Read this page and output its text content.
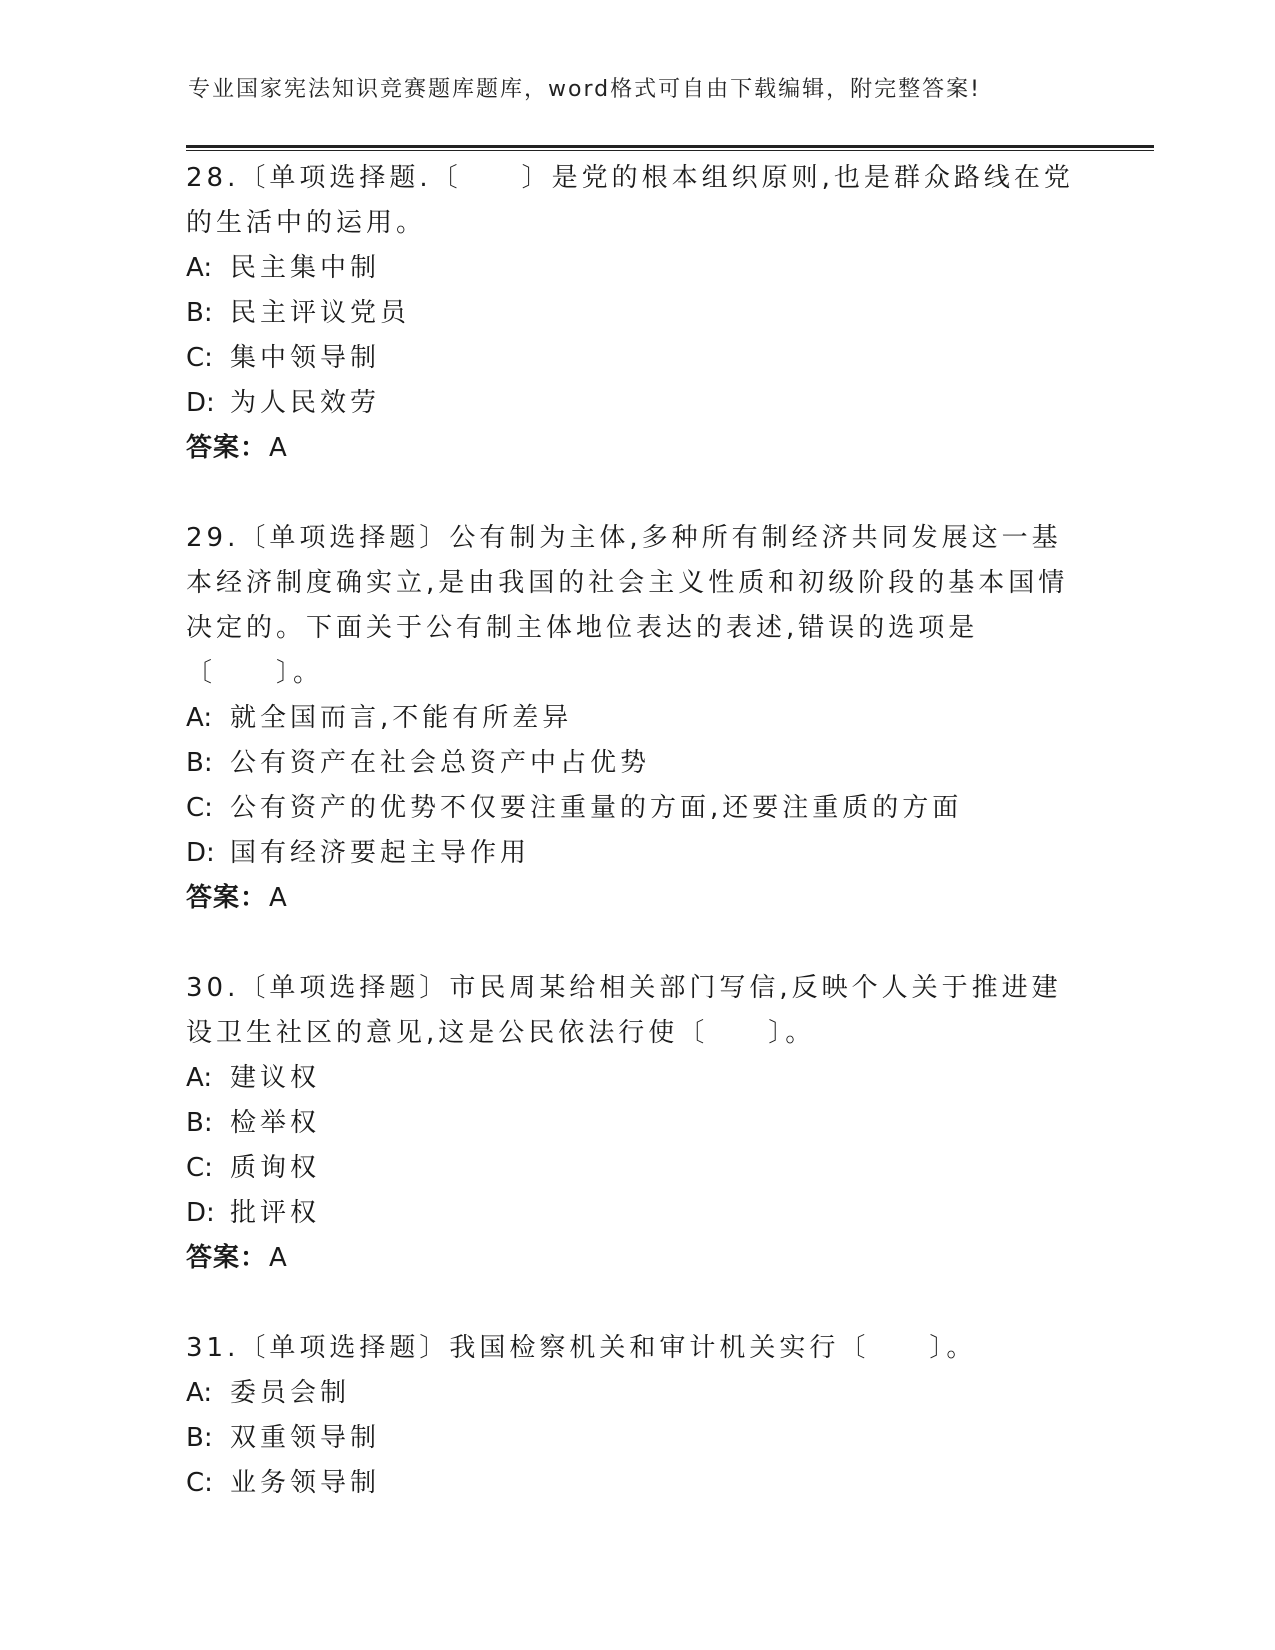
专业国家宪法知识竞赛题库题库，word格式可自由下载编辑，附完整答案!

28.〔单项选择题.〔　　〕是党的根本组织原则,也是群众路线在党的生活中的运用。

A: 民主集中制

B: 民主评议党员

C: 集中领导制

D: 为人民效劳

答案：A

29.〔单项选择题〕公有制为主体,多种所有制经济共同发展这一基本经济制度确实立,是由我国的社会主义性质和初级阶段的基本国情决定的。下面关于公有制主体地位表达的表述,错误的选项是〔　　〕。

A: 就全国而言,不能有所差异

B: 公有资产在社会总资产中占优势

C: 公有资产的优势不仅要注重量的方面,还要注重质的方面

D: 国有经济要起主导作用

答案：A

30.〔单项选择题〕市民周某给相关部门写信,反映个人关于推进建设卫生社区的意见,这是公民依法行使〔　　〕。

A: 建议权

B: 检举权

C: 质询权

D: 批评权

答案：A

31.〔单项选择题〕我国检察机关和审计机关实行〔　　〕。

A: 委员会制

B: 双重领导制

C: 业务领导制
